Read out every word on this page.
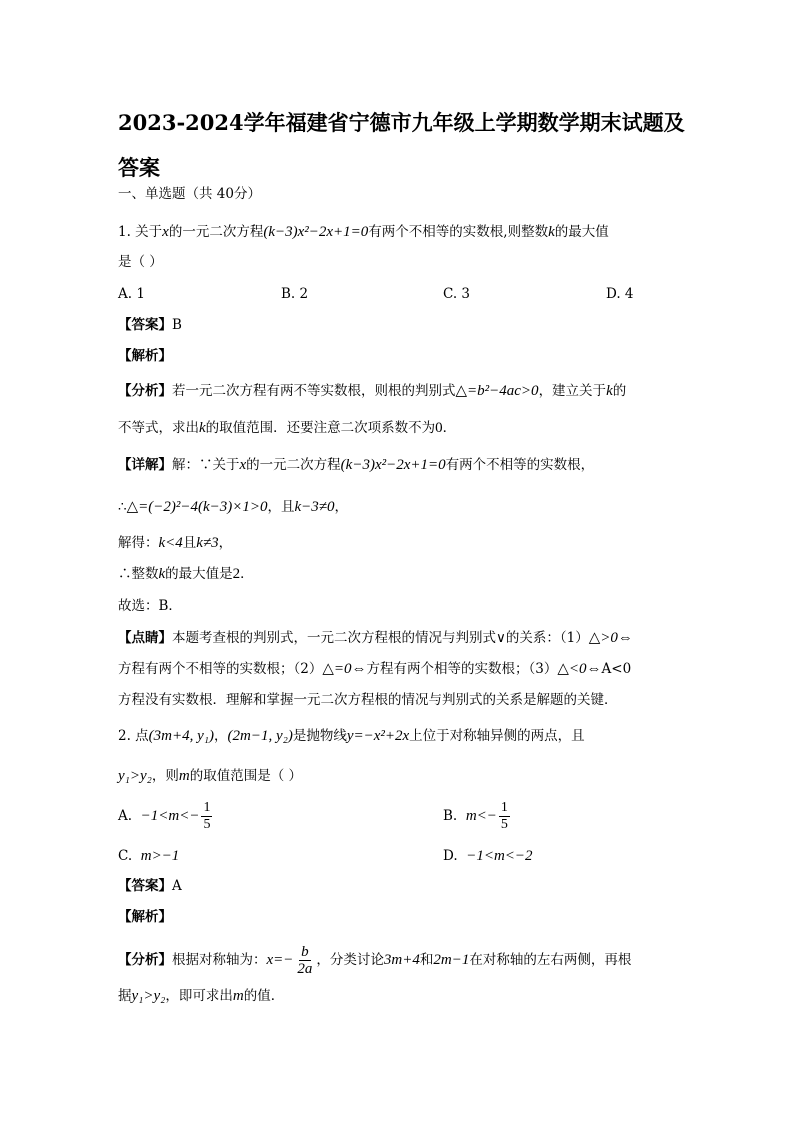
2023-2024学年福建省宁德市九年级上学期数学期末试题及答案
一、单选题（共 40分）
1. 关于x的一元二次方程(k−3)x²−2x+1=0有两个不相等的实数根,则整数k的最大值
是（ ）
A. 1	B. 2	C. 3	D. 4
【答案】B
【解析】
【分析】若一元二次方程有两不等实数根，则根的判别式△=b²−4ac>0，建立关于k的
不等式，求出k的取值范围．还要注意二次项系数不为0．
【详解】解：∵关于x的一元二次方程(k−3)x²−2x+1=0有两个不相等的实数根，
∴△=(−2)²−4(k−3)×1>0，且k−3≠0，
解得：k<4且k≠3，
∴整数k的最大值是2．
故选：B．
【点睛】本题考查根的判别式，一元二次方程根的情况与判别式∨的关系：（1）△>0⇔
方程有两个不相等的实数根；（2）△=0⇔方程有两个相等的实数根；（3）△<0⇔A<0
方程没有实数根．理解和掌握一元二次方程根的情况与判别式的关系是解题的关键．
2. 点(3m+4, y₁)，(2m−1, y₂)是抛物线y=−x²+2x上位于对称轴异侧的两点，且
y₁>y₂，则m的取值范围是（ ）
A. $-1<m<- \frac{1}{5}$	B. $m<- \frac{1}{5}$
C. m>−1	D. −1<m<−2
【答案】A
【解析】
【分析】根据对称轴为：$x=- \frac{b}{2a}$ ，分类讨论3m+4和2m−1在对称轴的左右两侧，再根
据y₁>y₂，即可求出m的值．
